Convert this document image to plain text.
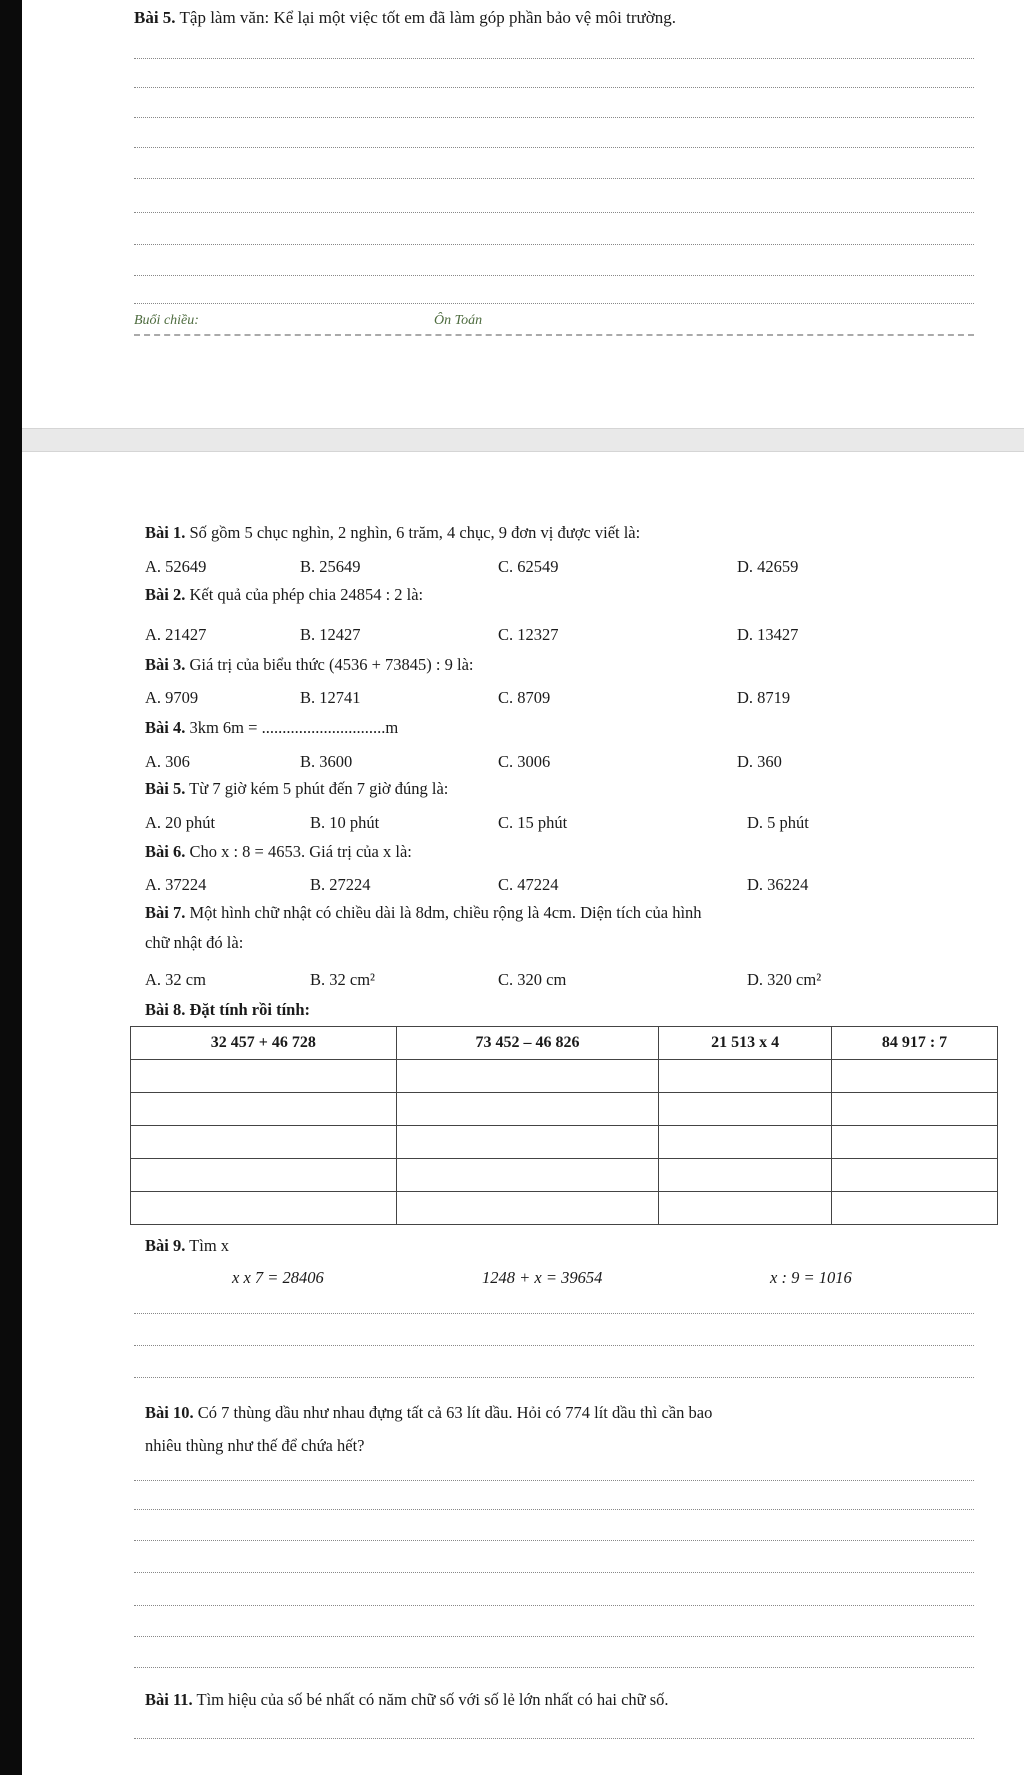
Bài 5. Tập làm văn: Kể lại một việc tốt em đã làm góp phần bảo vệ môi trường.
Buổi chiều:	Ôn Toán
Bài 1. Số gồm 5 chục nghìn, 2 nghìn, 6 trăm, 4 chục, 9 đơn vị được viết là:
A. 52649	B. 25649	C. 62549	D. 42659
Bài 2. Kết quả của phép chia 24854 : 2 là:
A. 21427	B. 12427	C. 12327	D. 13427
Bài 3. Giá trị của biểu thức (4536 + 73845) : 9 là:
A. 9709	B. 12741	C. 8709	D. 8719
Bài 4. 3km 6m = ..............................m
A. 306	B. 3600	C. 3006	D. 360
Bài 5. Từ 7 giờ kém 5 phút đến 7 giờ đúng là:
A. 20 phút	B. 10 phút	C. 15 phút	D. 5 phút
Bài 6. Cho x : 8 = 4653. Giá trị của x là:
A. 37224	B. 27224	C. 47224	D. 36224
Bài 7. Một hình chữ nhật có chiều dài là 8dm, chiều rộng là 4cm. Diện tích của hình
chữ nhật đó là:
A. 32 cm	B. 32 cm²	C. 320 cm	D. 320 cm²
Bài 8. Đặt tính rồi tính:
32 457 + 46 728	73 452 – 46 826	21 513 x 4	84 917 : 7

Bài 9. Tìm x
x x 7 = 28406	1248 + x = 39654	x : 9 = 1016
Bài 10. Có 7 thùng dầu như nhau đựng tất cả 63 lít dầu. Hỏi có 774 lít dầu thì cần bao
nhiêu thùng như thế để chứa hết?
Bài 11. Tìm hiệu của số bé nhất có năm chữ số với số lẻ lớn nhất có hai chữ số.
